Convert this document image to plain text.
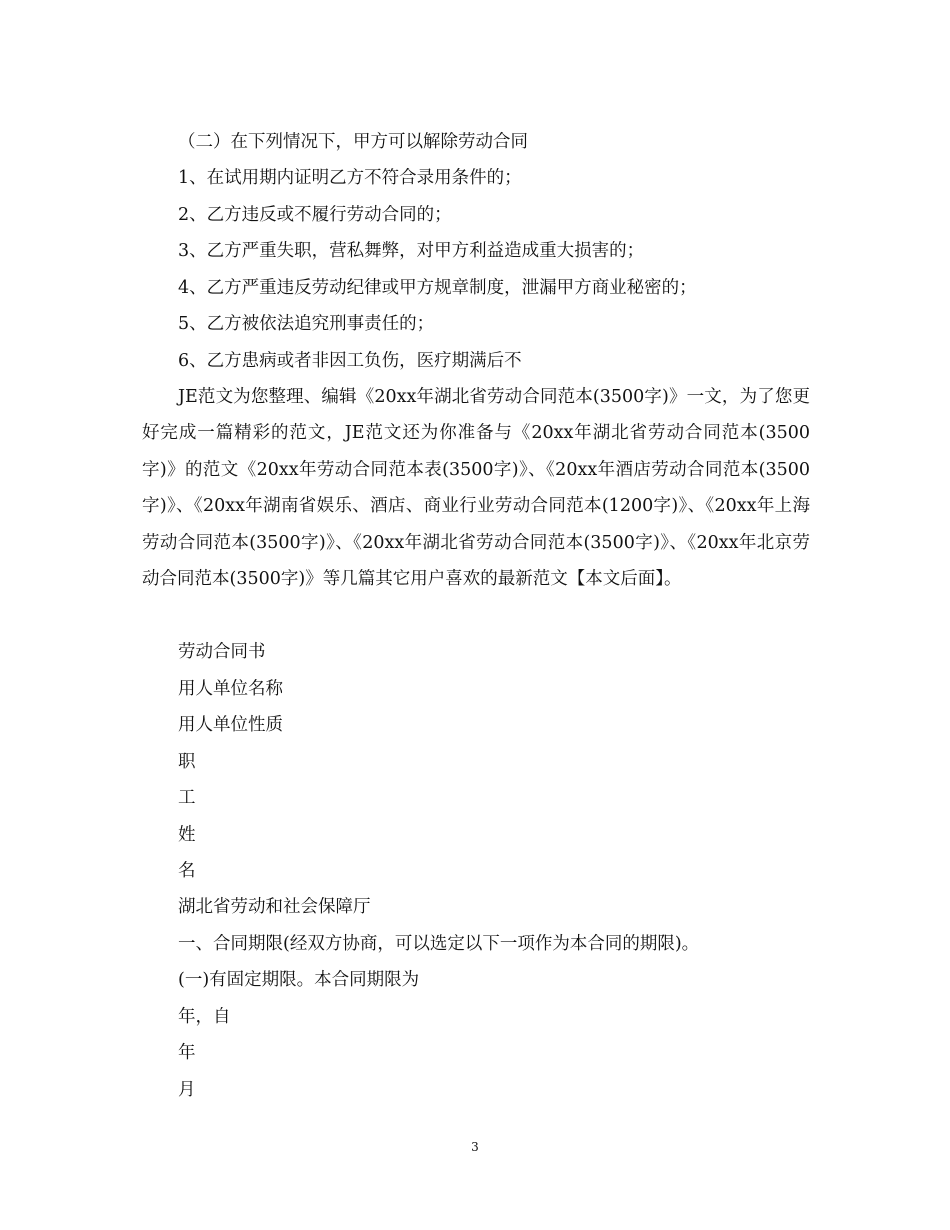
（二）在下列情况下，甲方可以解除劳动合同
1、在试用期内证明乙方不符合录用条件的；
2、乙方违反或不履行劳动合同的；
3、乙方严重失职，营私舞弊，对甲方利益造成重大损害的；
4、乙方严重违反劳动纪律或甲方规章制度，泄漏甲方商业秘密的；
5、乙方被依法追究刑事责任的；
6、乙方患病或者非因工负伤，医疗期满后不
JE范文为您整理、编辑《20xx年湖北省劳动合同范本(3500字)》一文，为了您更好完成一篇精彩的范文，JE范文还为你准备与《20xx年湖北省劳动合同范本(3500字)》的范文《20xx年劳动合同范本表(3500字)》、《20xx年酒店劳动合同范本(3500字)》、《20xx年湖南省娱乐、酒店、商业行业劳动合同范本(1200字)》、《20xx年上海劳动合同范本(3500字)》、《20xx年湖北省劳动合同范本(3500字)》、《20xx年北京劳动合同范本(3500字)》等几篇其它用户喜欢的最新范文【本文后面】。
劳动合同书
用人单位名称
用人单位性质
职
工
姓
名
湖北省劳动和社会保障厅
一、合同期限(经双方协商，可以选定以下一项作为本合同的期限)。
(一)有固定期限。本合同期限为
年，自
年
月
3
